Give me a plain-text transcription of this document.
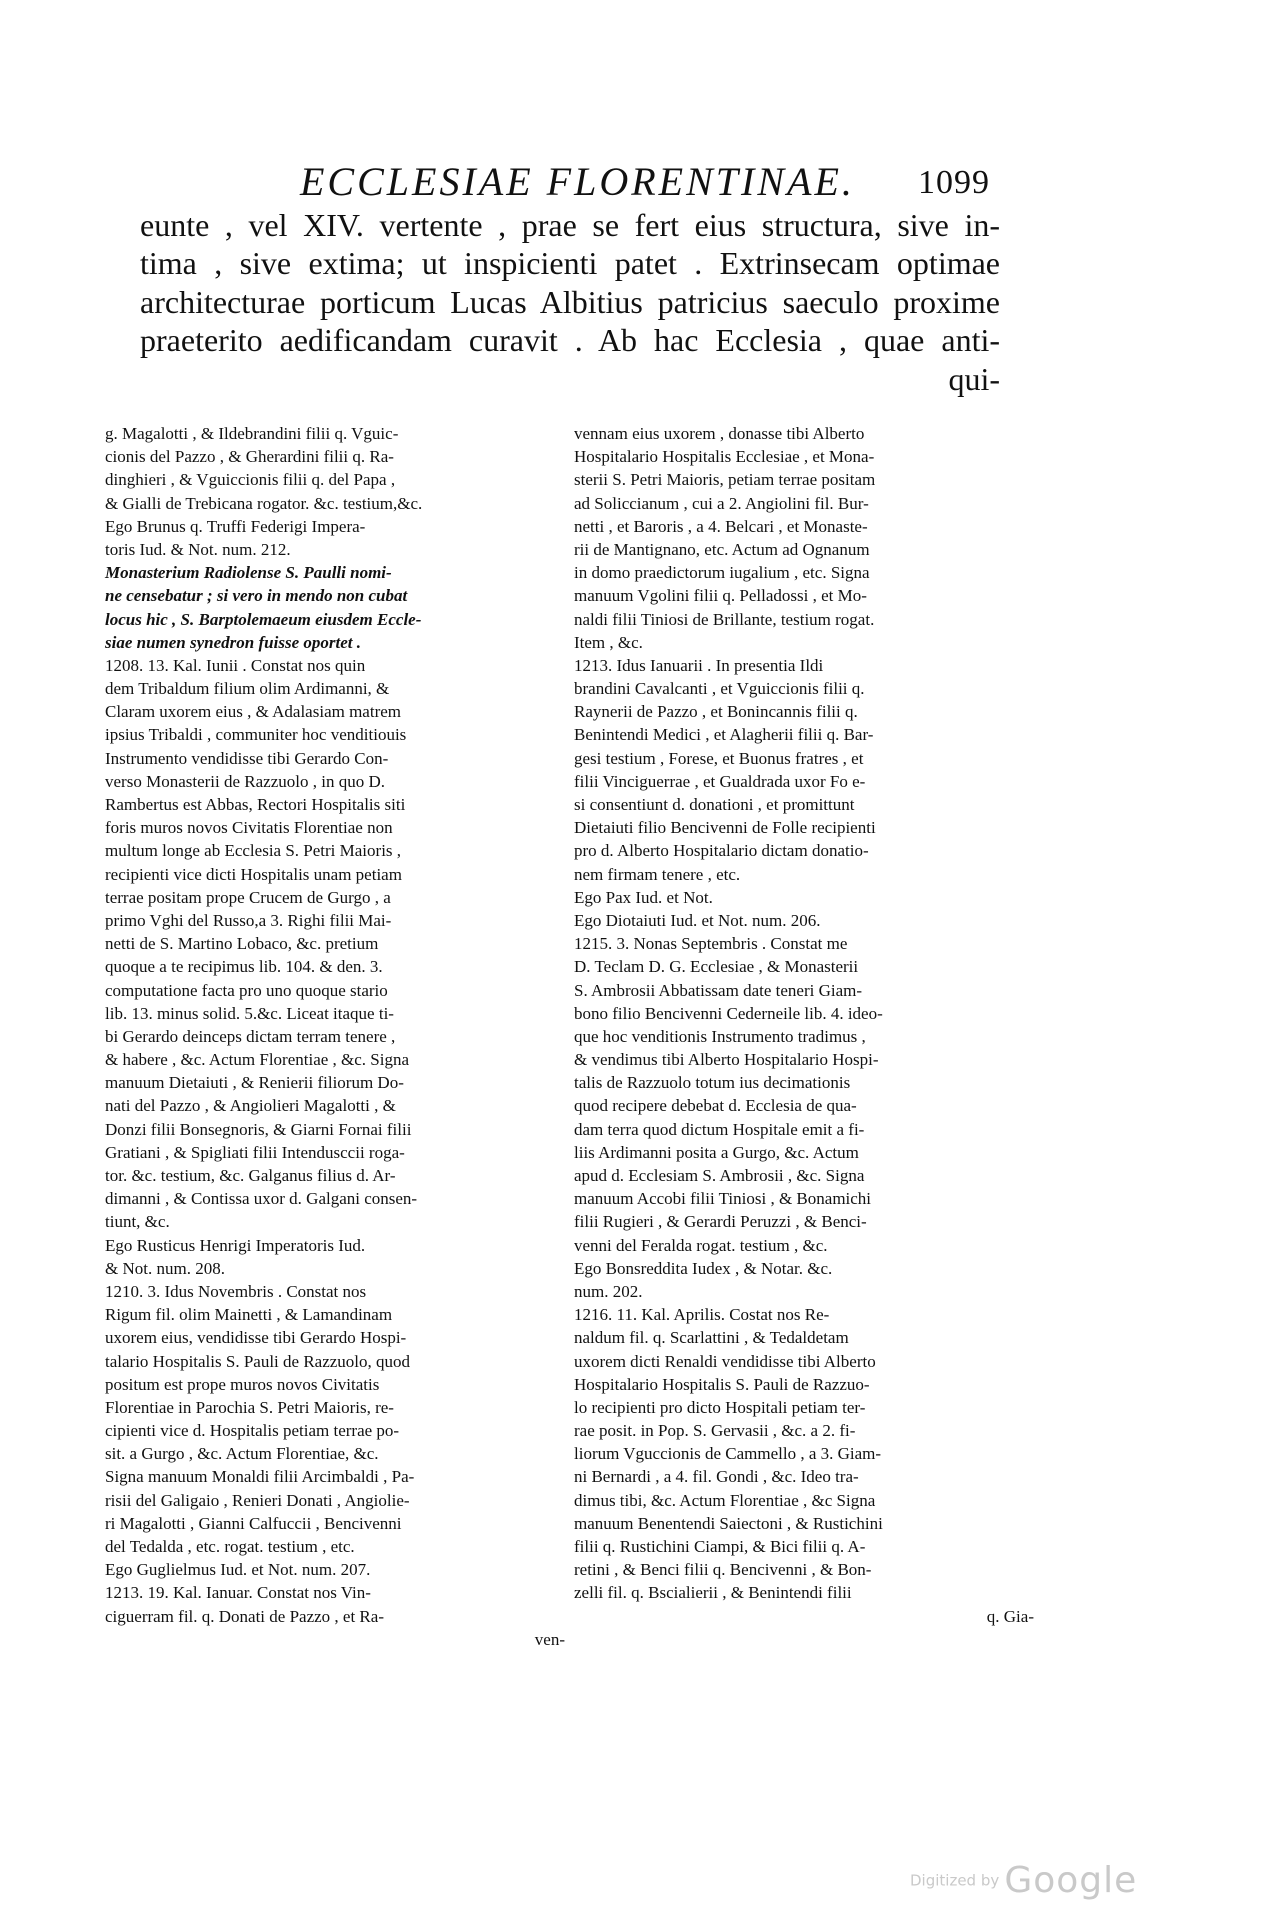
ECCLESIAE FLORENTINAE. 1099
eunte , vel XIV. vertente , prae se fert eius structura, sive in-
tima , sive extima; ut inspicienti patet . Extrinsecam optimae
architecturae porticum Lucas Albitius patricius saeculo proxime
praeterito aedificandam curavit . Ab hac Ecclesia , quae anti-
qui-
g. Magalotti , & Ildebrandini filii q. Vguic-
cionis del Pazzo , & Gherardini filii q. Ra-
dinghieri , & Vguiccionis filii q. del Papa ,
& Gialli de Trebicana rogator. &c. testium,&c.
Ego Brunus q. Truffi Federigi Impera-
toris Iud. & Not. num. 212.
Monasterium Radiolense S. Paulli nomi-
ne censebatur ; si vero in mendo non cubat
locus hic , S. Barptolemaeum eiusdem Eccle-
siae numen synedron fuisse oportet .
1208. 13. Kal. Iunii . Constat nos quin
dem Tribaldum filium olim Ardimanni, &
Claram uxorem eius , & Adalasiam matrem
ipsius Tribaldi , communiter hoc venditiouis
Instrumento vendidisse tibi Gerardo Con-
verso Monasterii de Razzuolo , in quo D.
Rambertus est Abbas, Rectori Hospitalis siti
foris muros novos Civitatis Florentiae non
multum longe ab Ecclesia S. Petri Maioris ,
recipienti vice dicti Hospitalis unam petiam
terrae positam prope Crucem de Gurgo , a
primo Vghi del Russo,a 3. Righi filii Mai-
netti de S. Martino Lobaco, &c. pretium
quoque a te recipimus lib. 104. & den. 3.
computatione facta pro uno quoque stario
lib. 13. minus solid. 5.&c. Liceat itaque ti-
bi Gerardo deinceps dictam terram tenere ,
& habere , &c. Actum Florentiae , &c. Signa
manuum Dietaiuti , & Renierii filiorum Do-
nati del Pazzo , & Angiolieri Magalotti , &
Donzi filii Bonsegnoris, & Giarni Fornai filii
Gratiani , & Spigliati filii Intendusccii roga-
tor. &c. testium, &c. Galganus filius d. Ar-
dimanni , & Contissa uxor d. Galgani consen-
tiunt, &c.
Ego Rusticus Henrigi Imperatoris Iud.
& Not. num. 208.
1210. 3. Idus Novembris . Constat nos
Rigum fil. olim Mainetti , & Lamandinam
uxorem eius, vendidisse tibi Gerardo Hospi-
talario Hospitalis S. Pauli de Razzuolo, quod
positum est prope muros novos Civitatis
Florentiae in Parochia S. Petri Maioris, re-
cipienti vice d. Hospitalis petiam terrae po-
sit. a Gurgo , &c. Actum Florentiae, &c.
Signa manuum Monaldi filii Arcimbaldi , Pa-
risii del Galigaio , Renieri Donati , Angiolie-
ri Magalotti , Gianni Calfuccii , Bencivenni
del Tedalda , etc. rogat. testium , etc.
Ego Guglielmus Iud. et Not. num. 207.
1213. 19. Kal. Ianuar. Constat nos Vin-
ciguerram fil. q. Donati de Pazzo , et Ra-
ven-
vennam eius uxorem , donasse tibi Alberto
Hospitalario Hospitalis Ecclesiae , et Mona-
sterii S. Petri Maioris, petiam terrae positam
ad Soliccianum , cui a 2. Angiolini fil. Bur-
netti , et Baroris , a 4. Belcari , et Monaste-
rii de Mantignano, etc. Actum ad Ognanum
in domo praedictorum iugalium , etc. Signa
manuum Vgolini filii q. Pelladossi , et Mo-
naldi filii Tiniosi de Brillante, testium rogat.
Item , &c.
1213. Idus Ianuarii . In presentia Ildi
brandini Cavalcanti , et Vguiccionis filii q.
Raynerii de Pazzo , et Bonincannis filii q.
Benintendi Medici , et Alagherii filii q. Bar-
gesi testium , Forese, et Buonus fratres , et
filii Vinciguerrae , et Gualdrada uxor Fo e-
si consentiunt d. donationi , et promittunt
Dietaiuti filio Bencivenni de Folle recipienti
pro d. Alberto Hospitalario dictam donatio-
nem firmam tenere , etc.
Ego Pax Iud. et Not.
Ego Diotaiuti Iud. et Not. num. 206.
1215. 3. Nonas Septembris . Constat me
D. Teclam D. G. Ecclesiae , & Monasterii
S. Ambrosii Abbatissam date teneri Giam-
bono filio Bencivenni Cederneile lib. 4. ideo-
que hoc venditionis Instrumento tradimus ,
& vendimus tibi Alberto Hospitalario Hospi-
talis de Razzuolo totum ius decimationis
quod recipere debebat d. Ecclesia de qua-
dam terra quod dictum Hospitale emit a fi-
liis Ardimanni posita a Gurgo, &c. Actum
apud d. Ecclesiam S. Ambrosii , &c. Signa
manuum Accobi filii Tiniosi , & Bonamichi
filii Rugieri , & Gerardi Peruzzi , & Benci-
venni del Feralda rogat. testium , &c.
Ego Bonsreddita Iudex , & Notar. &c.
num. 202.
1216. 11. Kal. Aprilis. Costat nos Re-
naldum fil. q. Scarlattini , & Tedaldetam
uxorem dicti Renaldi vendidisse tibi Alberto
Hospitalario Hospitalis S. Pauli de Razzuo-
lo recipienti pro dicto Hospitali petiam ter-
rae posit. in Pop. S. Gervasii , &c. a 2. fi-
liorum Vguccionis de Cammello , a 3. Giam-
ni Bernardi , a 4. fil. Gondi , &c. Ideo tra-
dimus tibi, &c. Actum Florentiae , &c Signa
manuum Benentendi Saiectoni , & Rustichini
filii q. Rustichini Ciampi, & Bici filii q. A-
retini , & Benci filii q. Bencivenni , & Bon-
zelli fil. q. Bscialierii , & Benintendi filii
q. Gia-
Digitized by Google
